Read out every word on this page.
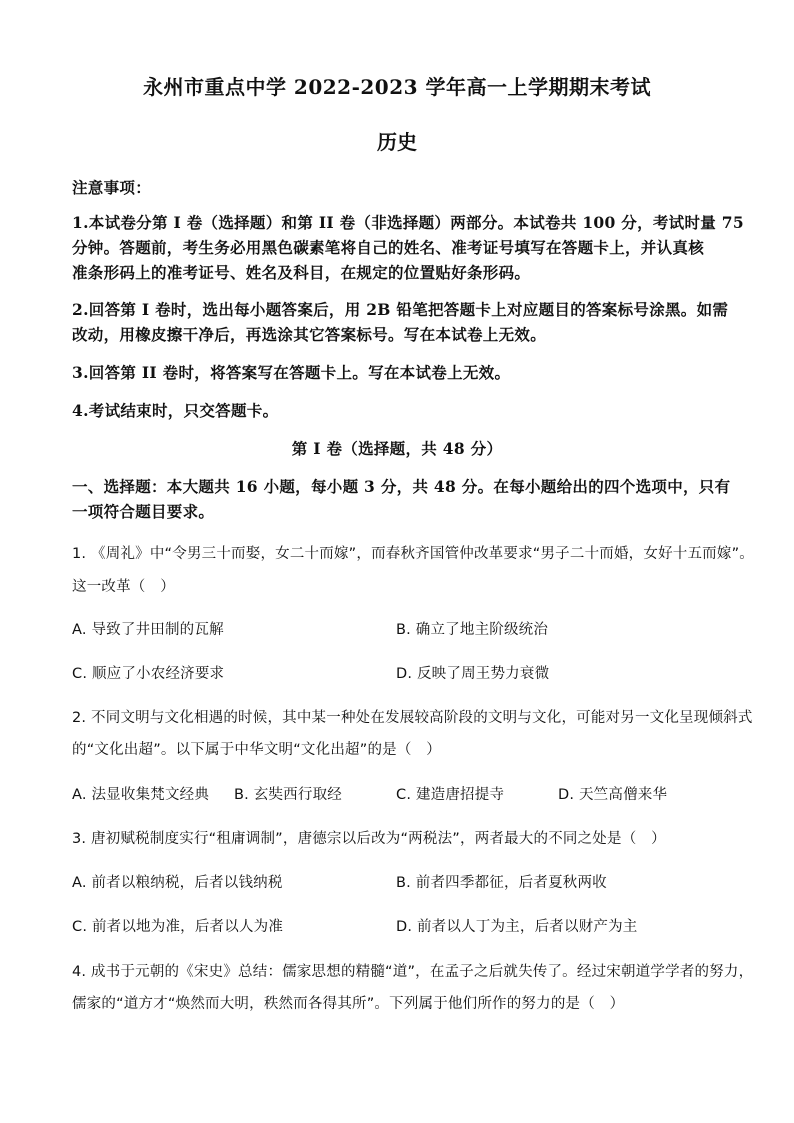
永州市重点中学 2022-2023 学年高一上学期期末考试
历史
注意事项：
1.本试卷分第 I 卷（选择题）和第 II 卷（非选择题）两部分。本试卷共 100 分，考试时量 75
分钟。答题前，考生务必用黑色碳素笔将自己的姓名、准考证号填写在答题卡上，并认真核
准条形码上的准考证号、姓名及科目，在规定的位置贴好条形码。
2.回答第 I 卷时，选出每小题答案后，用 2B 铅笔把答题卡上对应题目的答案标号涂黑。如需
改动，用橡皮擦干净后，再选涂其它答案标号。写在本试卷上无效。
3.回答第 II 卷时，将答案写在答题卡上。写在本试卷上无效。
4.考试结束时，只交答题卡。
第 I 卷（选择题，共 48 分）
一、选择题：本大题共 16 小题，每小题 3 分，共 48 分。在每小题给出的四个选项中，只有
一项符合题目要求。
1. 《周礼》中“令男三十而娶，女二十而嫁”，而春秋齐国管仲改革要求“男子二十而婚，女好十五而嫁”。
这一改革（　）
A. 导致了井田制的瓦解	B. 确立了地主阶级统治
C. 顺应了小农经济要求	D. 反映了周王势力衰微
2. 不同文明与文化相遇的时候，其中某一种处在发展较高阶段的文明与文化，可能对另一文化呈现倾斜式
的“文化出超”。以下属于中华文明“文化出超”的是（　）
A. 法显收集梵文经典 B. 玄奘西行取经	C. 建造唐招提寺	D. 天竺高僧来华
3. 唐初赋税制度实行“租庸调制”，唐德宗以后改为“两税法”，两者最大的不同之处是（　）
A. 前者以粮纳税，后者以钱纳税	B. 前者四季都征，后者夏秋两收
C. 前者以地为准，后者以人为准	D. 前者以人丁为主，后者以财产为主
4. 成书于元朝的《宋史》总结：儒家思想的精髓“道”，在孟子之后就失传了。经过宋朝道学学者的努力，
儒家的“道方才“焕然而大明，秩然而各得其所”。下列属于他们所作的努力的是（　）
